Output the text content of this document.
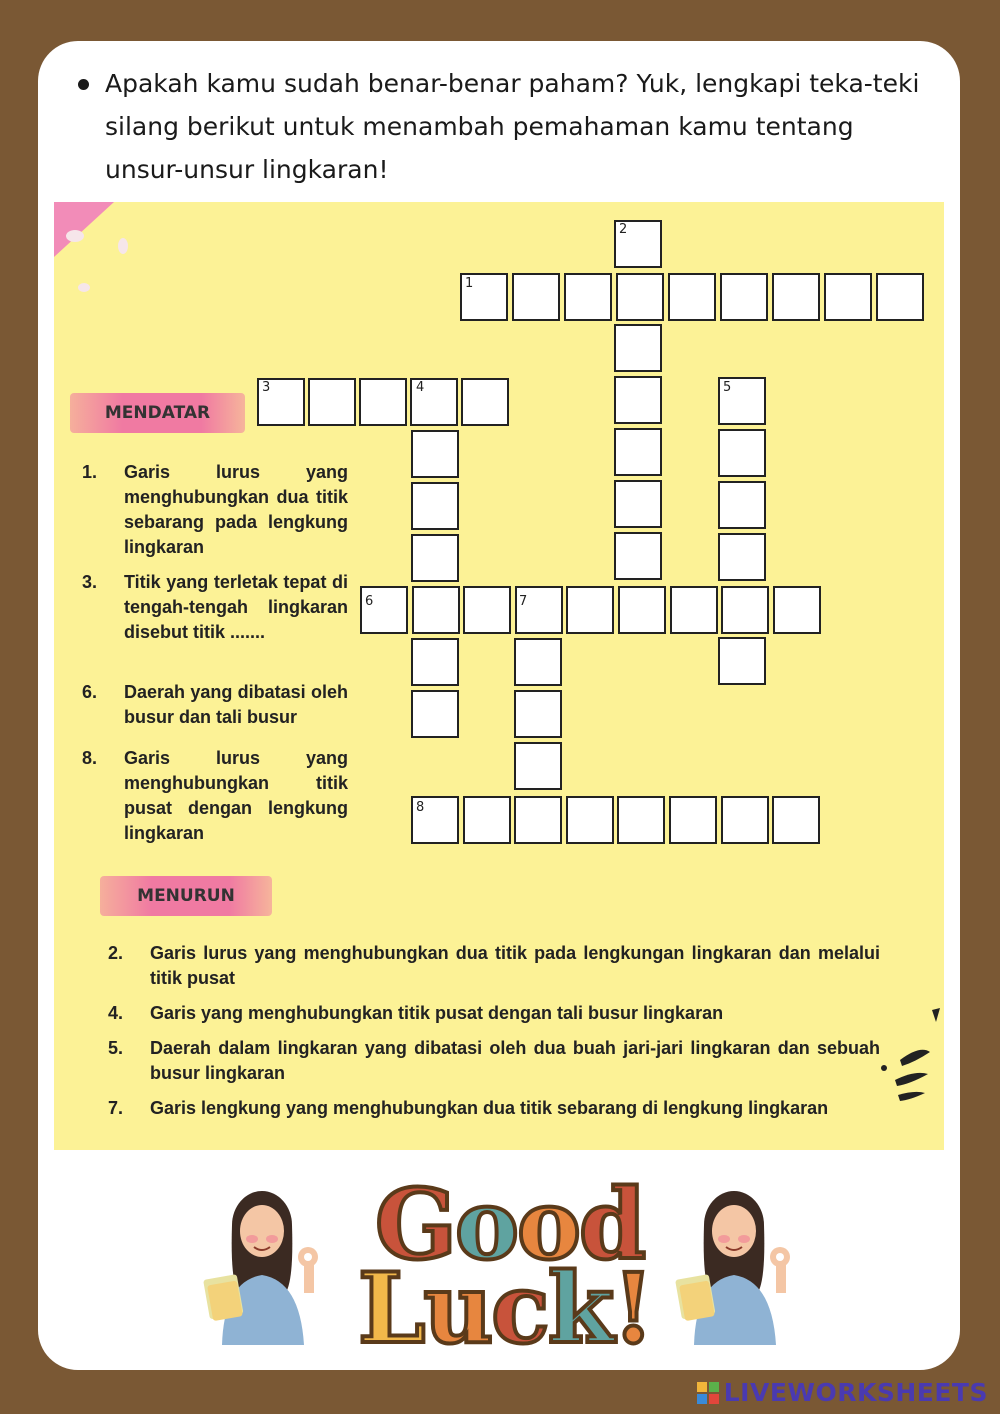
Apakah kamu sudah benar-benar paham? Yuk, lengkapi teka-teki silang berikut untuk menambah pemahaman kamu tentang unsur-unsur lingkaran!

1
2
3	4	5
6	7
8
MENDATAR
1. Garis lurus yang menghubungkan dua titik sebarang pada lengkung lingkaran
3. Titik yang terletak tepat di tengah-tengah lingkaran disebut titik .......
6. Daerah yang dibatasi oleh busur dan tali busur
8. Garis lurus yang menghubungkan titik pusat dengan lengkung lingkaran
MENURUN
2. Garis lurus yang menghubungkan dua titik pada lengkungan lingkaran dan melalui titik pusat
4. Garis yang menghubungkan titik pusat dengan tali busur lingkaran
5. Daerah dalam lingkaran yang dibatasi oleh dua buah jari-jari lingkaran dan sebuah busur lingkaran
7. Garis lengkung yang menghubungkan dua titik sebarang di lengkung lingkaran
Good
Luck!
LIVEWORKSHEETS
